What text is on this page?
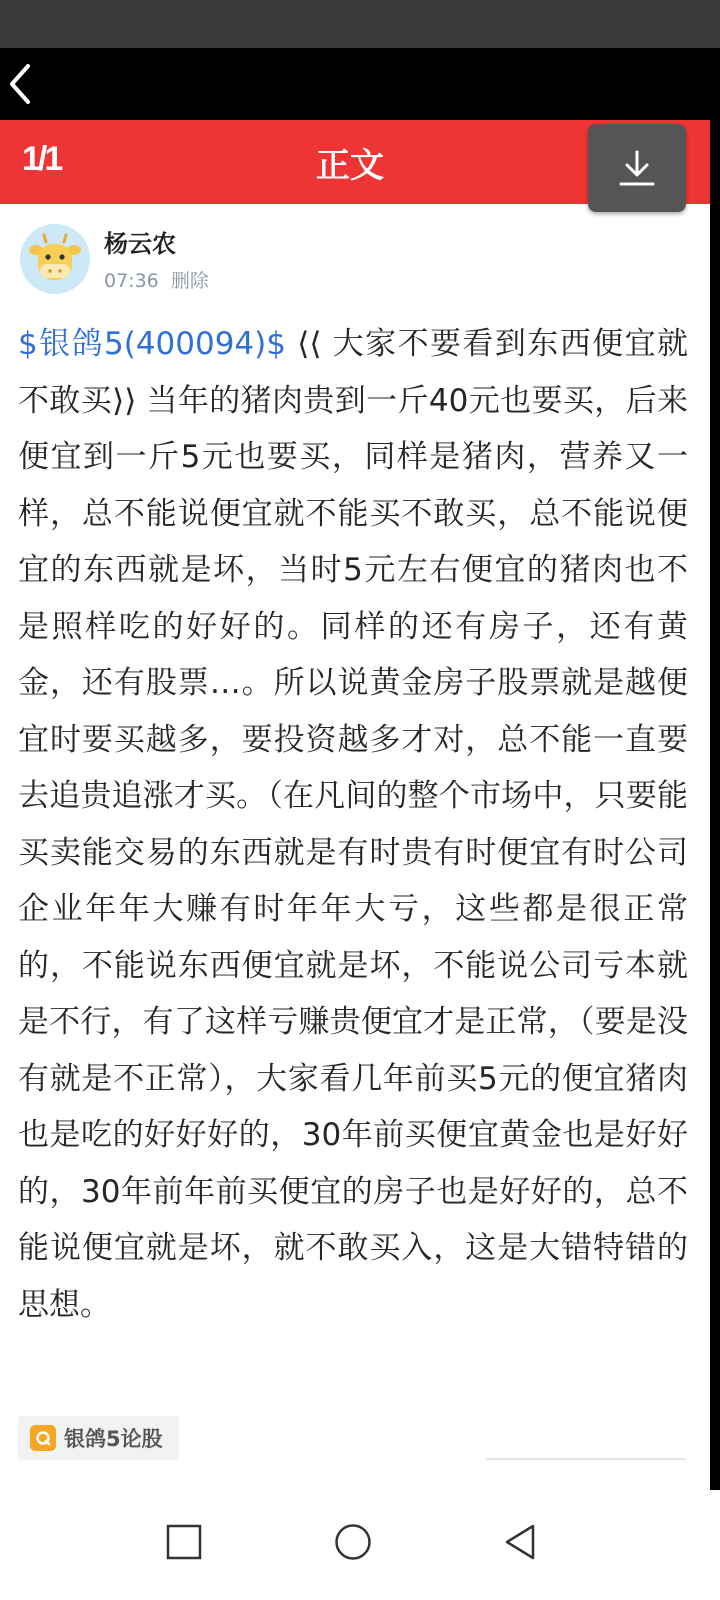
1/1	正文
杨云农
07:36 删除
$银鸽5(400094)$ ⟨⟨ 大家不要看到东西便宜就不敢买⟩⟩ 当年的猪肉贵到一斤40元也要买，后来便宜到一斤5元也要买，同样是猪肉，营养又一样，总不能说便宜就不能买不敢买，总不能说便宜的东西就是坏，当时5元左右便宜的猪肉也不是照样吃的好好的。同样的还有房子，还有黄金，还有股票…。所以说黄金房子股票就是越便宜时要买越多，要投资越多才对，总不能一直要去追贵追涨才买。（在凡间的整个市场中，只要能买卖能交易的东西就是有时贵有时便宜有时公司企业年年大赚有时年年大亏，这些都是很正常的，不能说东西便宜就是坏，不能说公司亏本就是不行，有了这样亏赚贵便宜才是正常，（要是没有就是不正常），大家看几年前买5元的便宜猪肉也是吃的好好好的，30年前买便宜黄金也是好好的，30年前年前买便宜的房子也是好好的，总不能说便宜就是坏，就不敢买入，这是大错特错的思想。
银鸽5论股
